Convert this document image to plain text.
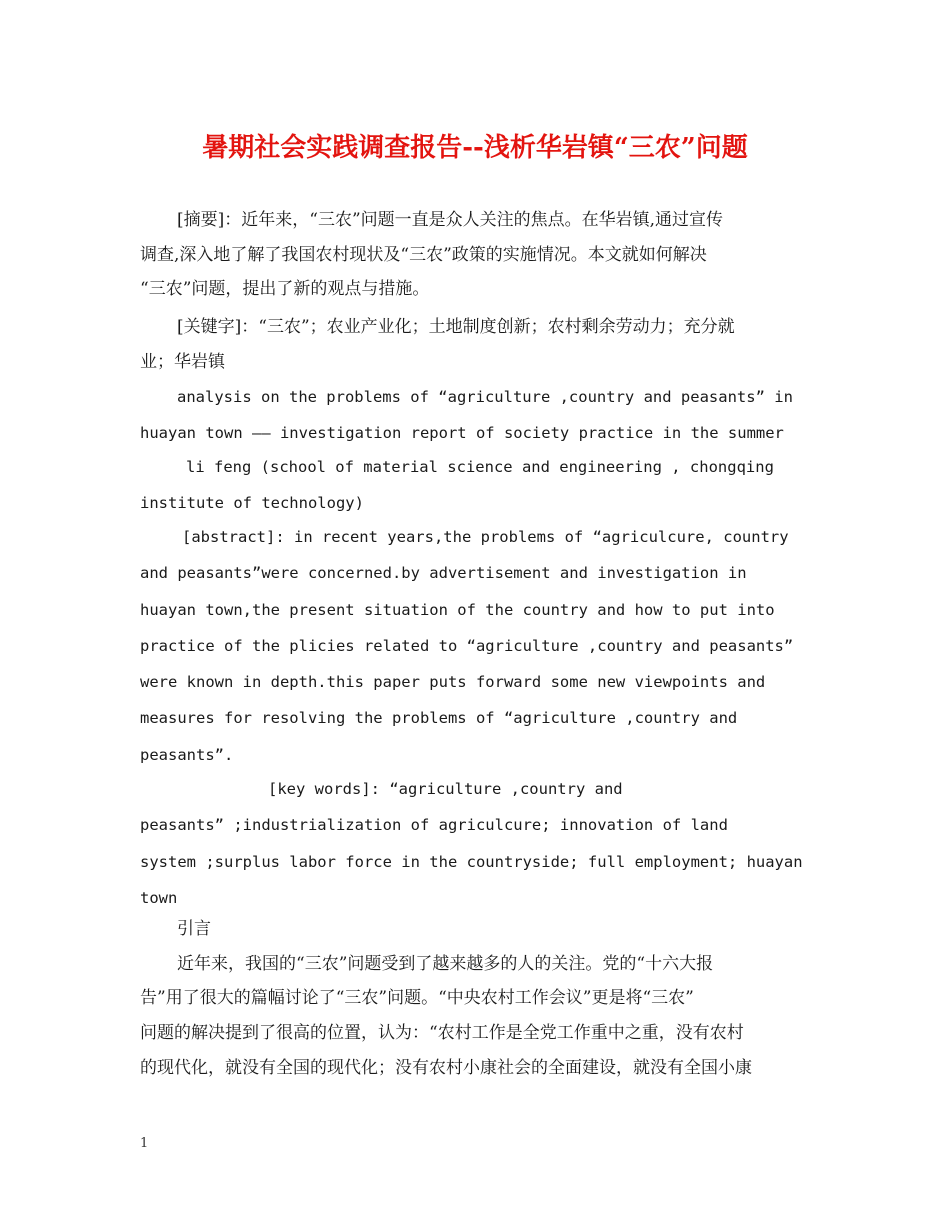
暑期社会实践调查报告--浅析华岩镇“三农”问题
[摘要]：近年来，“三农”问题一直是众人关注的焦点。在华岩镇,通过宣传
调查,深入地了解了我国农村现状及“三农”政策的实施情况。本文就如何解决
“三农”问题，提出了新的观点与措施。
[关键字]：“三农”；农业产业化；土地制度创新；农村剩余劳动力；充分就
业；华岩镇
analysis on the problems of “agriculture ,country and peasants” in
huayan town —— investigation report of society practice in the summer
li feng (school of material science and engineering , chongqing
institute of technology)
[abstract]: in recent years,the problems of “agriculcure, country
and peasants”were concerned.by advertisement and investigation in
huayan town,the present situation of the country and how to put into
practice of the plicies related to “agriculture ,country and peasants”
were known in depth.this paper puts forward some new viewpoints and
measures for resolving the problems of “agriculture ,country and
peasants”.
[key words]: “agriculture ,country and
peasants” ;industrialization of agriculcure; innovation of land
system ;surplus labor force in the countryside; full employment; huayan
town
引言
近年来，我国的“三农”问题受到了越来越多的人的关注。党的“十六大报
告”用了很大的篇幅讨论了“三农”问题。“中央农村工作会议”更是将“三农”
问题的解决提到了很高的位置，认为：“农村工作是全党工作重中之重，没有农村
的现代化，就没有全国的现代化；没有农村小康社会的全面建设，就没有全国小康
1
